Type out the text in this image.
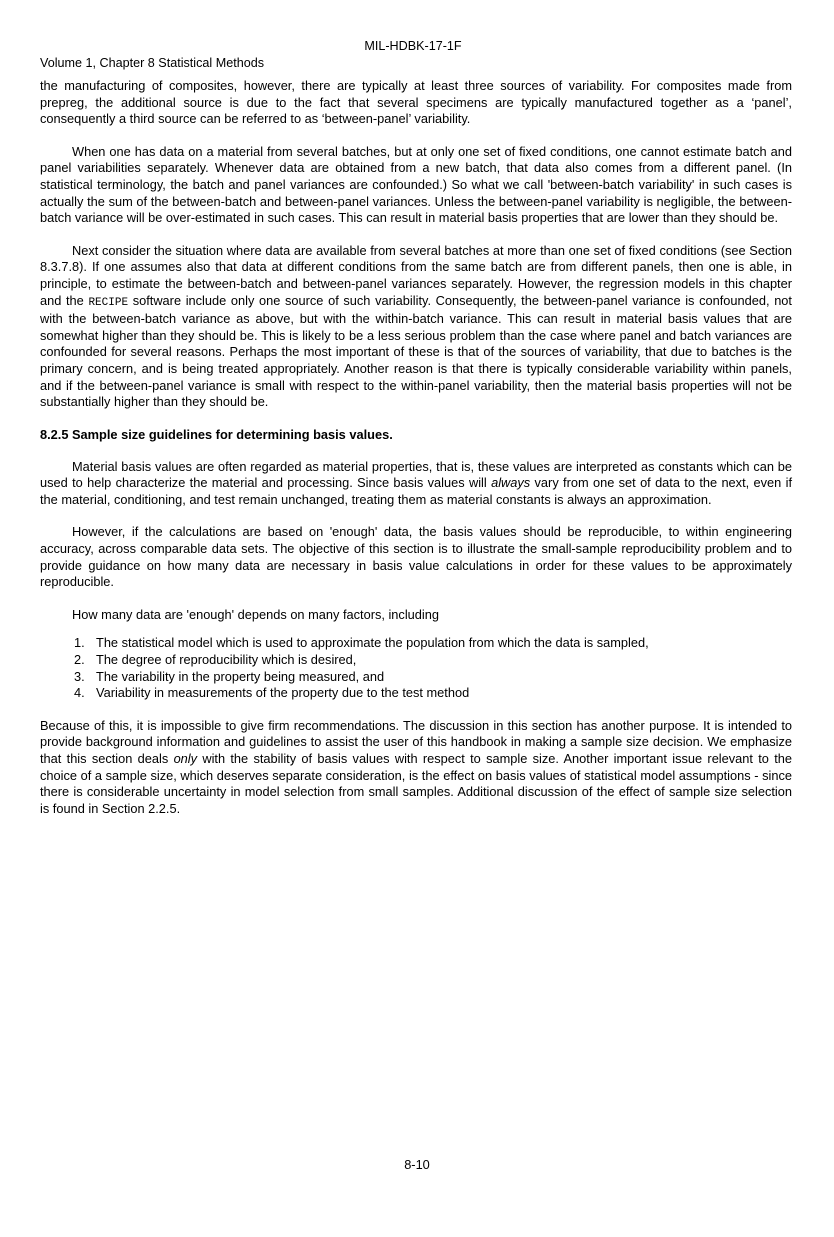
MIL-HDBK-17-1F
Volume 1, Chapter 8 Statistical Methods

the manufacturing of composites, however, there are typically at least three sources of variability. For composites made from prepreg, the additional source is due to the fact that several specimens are typically manufactured together as a ‘panel’, consequently a third source can be referred to as ‘between-panel’ variability.

When one has data on a material from several batches, but at only one set of fixed conditions, one cannot estimate batch and panel variabilities separately. Whenever data are obtained from a new batch, that data also comes from a different panel. (In statistical terminology, the batch and panel variances are confounded.) So what we call 'between-batch variability' in such cases is actually the sum of the between-batch and between-panel variances. Unless the between-panel variability is negligible, the between-batch variance will be over-estimated in such cases. This can result in material basis properties that are lower than they should be.

Next consider the situation where data are available from several batches at more than one set of fixed conditions (see Section 8.3.7.8). If one assumes also that data at different conditions from the same batch are from different panels, then one is able, in principle, to estimate the between-batch and between-panel variances separately. However, the regression models in this chapter and the RECIPE software include only one source of such variability. Consequently, the between-panel variance is confounded, not with the between-batch variance as above, but with the within-batch variance. This can result in material basis values that are somewhat higher than they should be. This is likely to be a less serious problem than the case where panel and batch variances are confounded for several reasons. Perhaps the most important of these is that of the sources of variability, that due to batches is the primary concern, and is being treated appropriately. Another reason is that there is typically considerable variability within panels, and if the between-panel variance is small with respect to the within-panel variability, then the material basis properties will not be substantially higher than they should be.

8.2.5 Sample size guidelines for determining basis values.

Material basis values are often regarded as material properties, that is, these values are interpreted as constants which can be used to help characterize the material and processing. Since basis values will always vary from one set of data to the next, even if the material, conditioning, and test remain unchanged, treating them as material constants is always an approximation.

However, if the calculations are based on 'enough' data, the basis values should be reproducible, to within engineering accuracy, across comparable data sets. The objective of this section is to illustrate the small-sample reproducibility problem and to provide guidance on how many data are necessary in basis value calculations in order for these values to be approximately reproducible.

How many data are 'enough' depends on many factors, including

1. The statistical model which is used to approximate the population from which the data is sampled,
2. The degree of reproducibility which is desired,
3. The variability in the property being measured, and
4. Variability in measurements of the property due to the test method

Because of this, it is impossible to give firm recommendations. The discussion in this section has another purpose. It is intended to provide background information and guidelines to assist the user of this handbook in making a sample size decision. We emphasize that this section deals only with the stability of basis values with respect to sample size. Another important issue relevant to the choice of a sample size, which deserves separate consideration, is the effect on basis values of statistical model assumptions - since there is considerable uncertainty in model selection from small samples. Additional discussion of the effect of sample size selection is found in Section 2.2.5.

8-10
